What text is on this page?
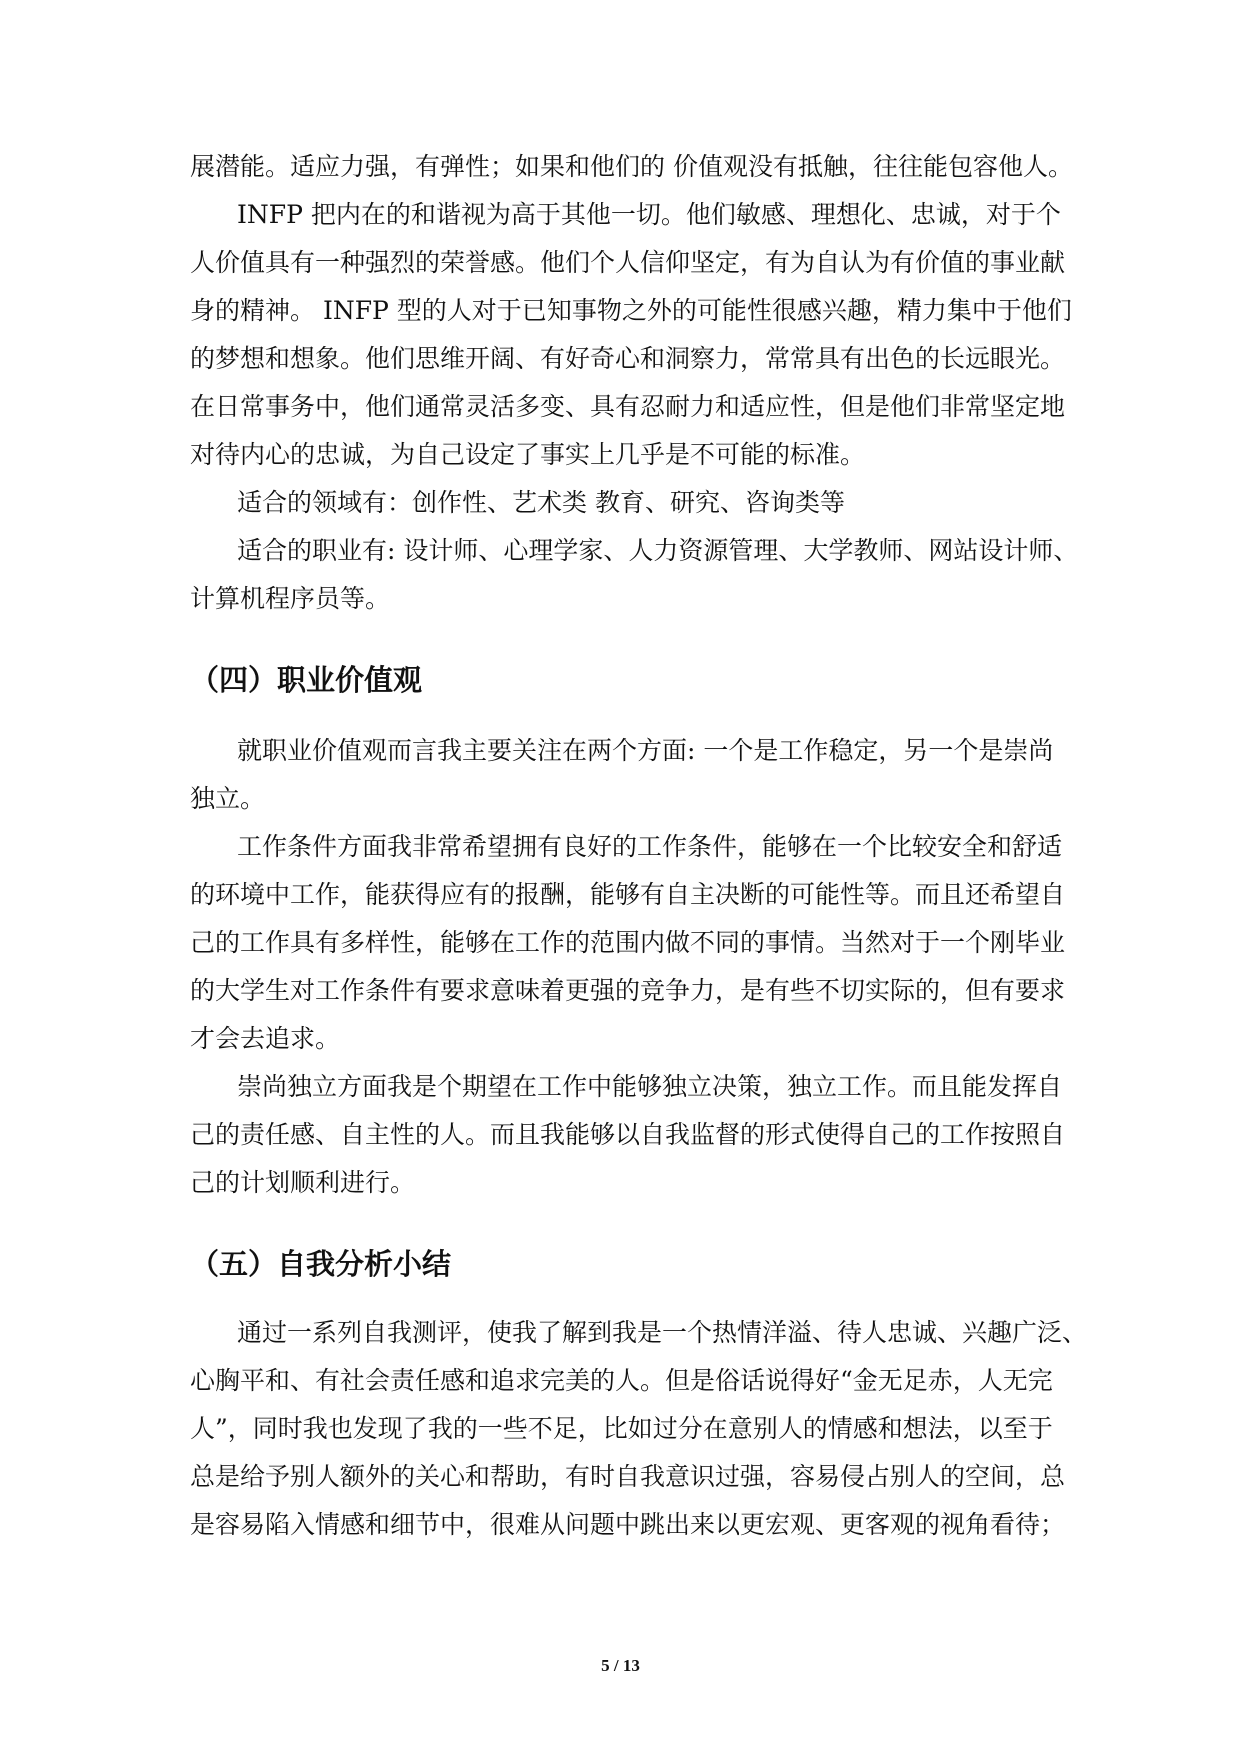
展潜能。适应力强，有弹性；如果和他们的 价值观没有抵触，往往能包容他人。
INFP 把内在的和谐视为高于其他一切。他们敏感、理想化、忠诚，对于个
人价值具有一种强烈的荣誉感。他们个人信仰坚定，有为自认为有价值的事业献
身的精神。 INFP 型的人对于已知事物之外的可能性很感兴趣，精力集中于他们
的梦想和想象。他们思维开阔、有好奇心和洞察力，常常具有出色的长远眼光。
在日常事务中，他们通常灵活多变、具有忍耐力和适应性，但是他们非常坚定地
对待内心的忠诚，为自己设定了事实上几乎是不可能的标准。
适合的领域有：创作性、艺术类 教育、研究、咨询类等
适合的职业有: 设计师、心理学家、人力资源管理、大学教师、网站设计师、
计算机程序员等。
（四）职业价值观
就职业价值观而言我主要关注在两个方面: 一个是工作稳定，另一个是崇尚
独立。
工作条件方面我非常希望拥有良好的工作条件，能够在一个比较安全和舒适
的环境中工作，能获得应有的报酬，能够有自主决断的可能性等。而且还希望自
己的工作具有多样性，能够在工作的范围内做不同的事情。当然对于一个刚毕业
的大学生对工作条件有要求意味着更强的竞争力，是有些不切实际的，但有要求
才会去追求。
崇尚独立方面我是个期望在工作中能够独立决策，独立工作。而且能发挥自
己的责任感、自主性的人。而且我能够以自我监督的形式使得自己的工作按照自
己的计划顺利进行。
（五）自我分析小结
通过一系列自我测评，使我了解到我是一个热情洋溢、待人忠诚、兴趣广泛、
心胸平和、有社会责任感和追求完美的人。但是俗话说得好“金无足赤，人无完
人”，同时我也发现了我的一些不足，比如过分在意别人的情感和想法，以至于
总是给予别人额外的关心和帮助，有时自我意识过强，容易侵占别人的空间，总
是容易陷入情感和细节中，很难从问题中跳出来以更宏观、更客观的视角看待；
5 / 13
